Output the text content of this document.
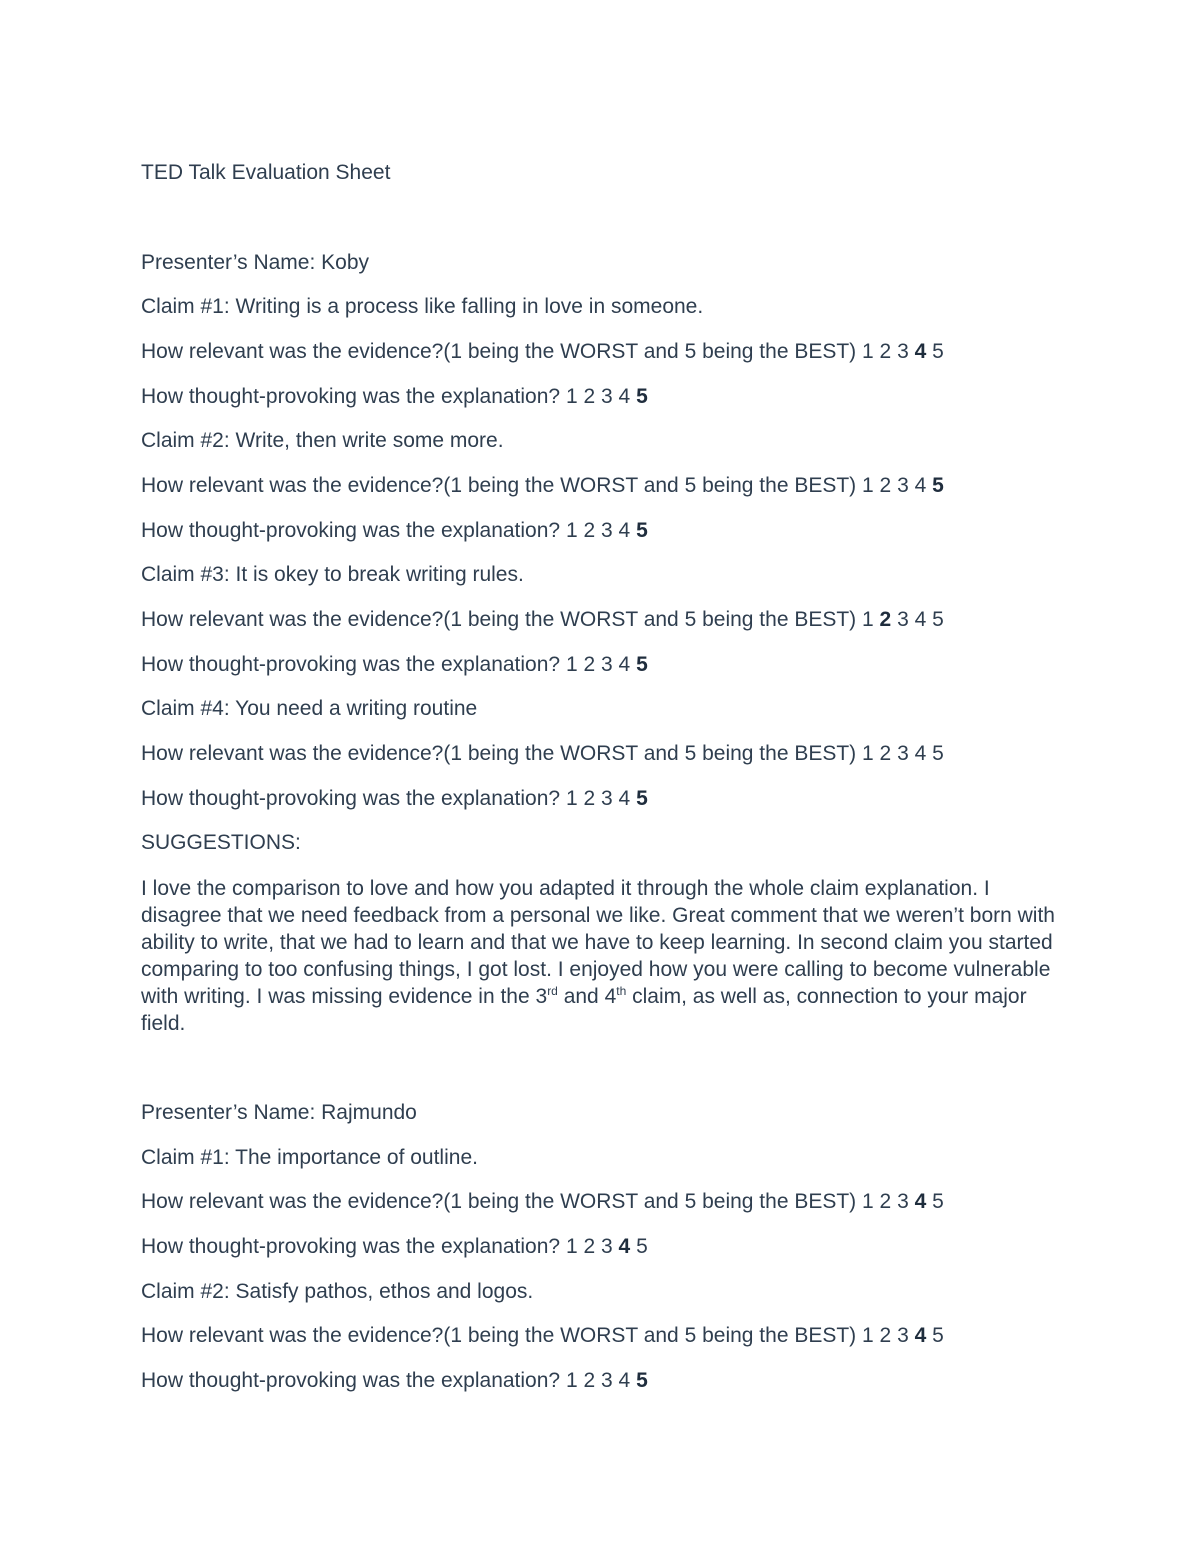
TED Talk Evaluation Sheet
Presenter’s Name: Koby
Claim #1: Writing is a process like falling in love in someone.
How relevant was the evidence?(1 being the WORST and 5 being the BEST) 1 2 3 4 5
How thought-provoking was the explanation? 1 2 3 4 5
Claim #2: Write, then write some more.
How relevant was the evidence?(1 being the WORST and 5 being the BEST) 1 2 3 4 5
How thought-provoking was the explanation? 1 2 3 4 5
Claim #3: It is okey to break writing rules.
How relevant was the evidence?(1 being the WORST and 5 being the BEST) 1 2 3 4 5
How thought-provoking was the explanation? 1 2 3 4 5
Claim #4: You need a writing routine
How relevant was the evidence?(1 being the WORST and 5 being the BEST) 1 2 3 4 5
How thought-provoking was the explanation? 1 2 3 4 5
SUGGESTIONS:
I love the comparison to love and how you adapted it through the whole claim explanation. I disagree that we need feedback from a personal we like. Great comment that we weren’t born with ability to write, that we had to learn and that we have to keep learning. In second claim you started comparing to too confusing things, I got lost. I enjoyed how you were calling to become vulnerable with writing. I was missing evidence in the 3rd and 4th claim, as well as, connection to your major field.
Presenter’s Name: Rajmundo
Claim #1: The importance of outline.
How relevant was the evidence?(1 being the WORST and 5 being the BEST) 1 2 3 4 5
How thought-provoking was the explanation? 1 2 3 4 5
Claim #2: Satisfy pathos, ethos and logos.
How relevant was the evidence?(1 being the WORST and 5 being the BEST) 1 2 3 4 5
How thought-provoking was the explanation? 1 2 3 4 5
